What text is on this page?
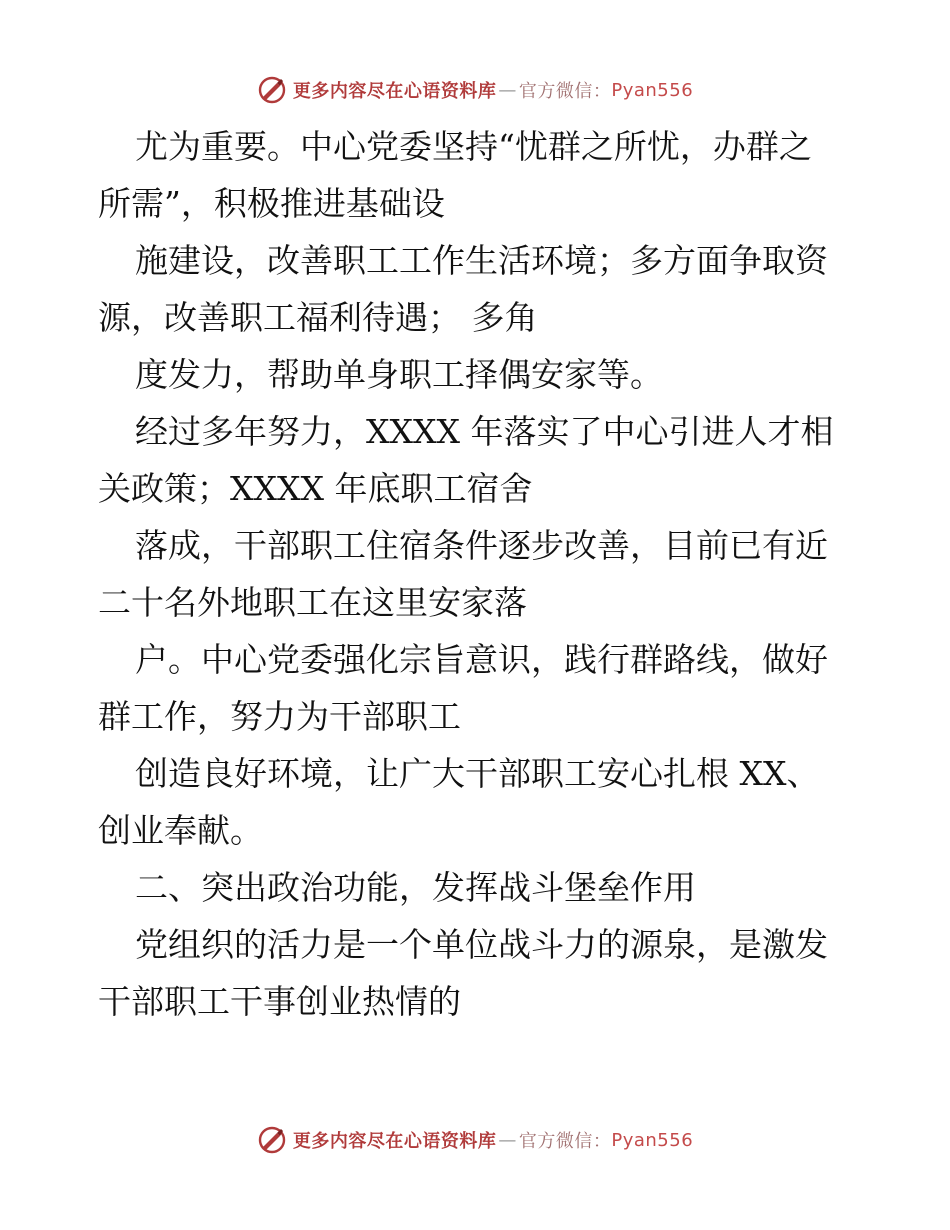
更多内容尽在心语资料库 — 官方微信： Pyan556
尤为重要。中心党委坚持“忧群之所忧，办群之
所需”，积极推进基础设
施建设，改善职工工作生活环境；多方面争取资
源，改善职工福利待遇； 多角
度发力，帮助单身职工择偶安家等。
经过多年努力，XXXX 年落实了中心引进人才相
关政策；XXXX 年底职工宿舍
落成，干部职工住宿条件逐步改善，目前已有近
二十名外地职工在这里安家落
户。中心党委强化宗旨意识，践行群路线，做好
群工作，努力为干部职工
创造良好环境，让广大干部职工安心扎根 XX、
创业奉献。
二、突出政治功能，发挥战斗堡垒作用
党组织的活力是一个单位战斗力的源泉，是激发
干部职工干事创业热情的
更多内容尽在心语资料库 — 官方微信： Pyan556
